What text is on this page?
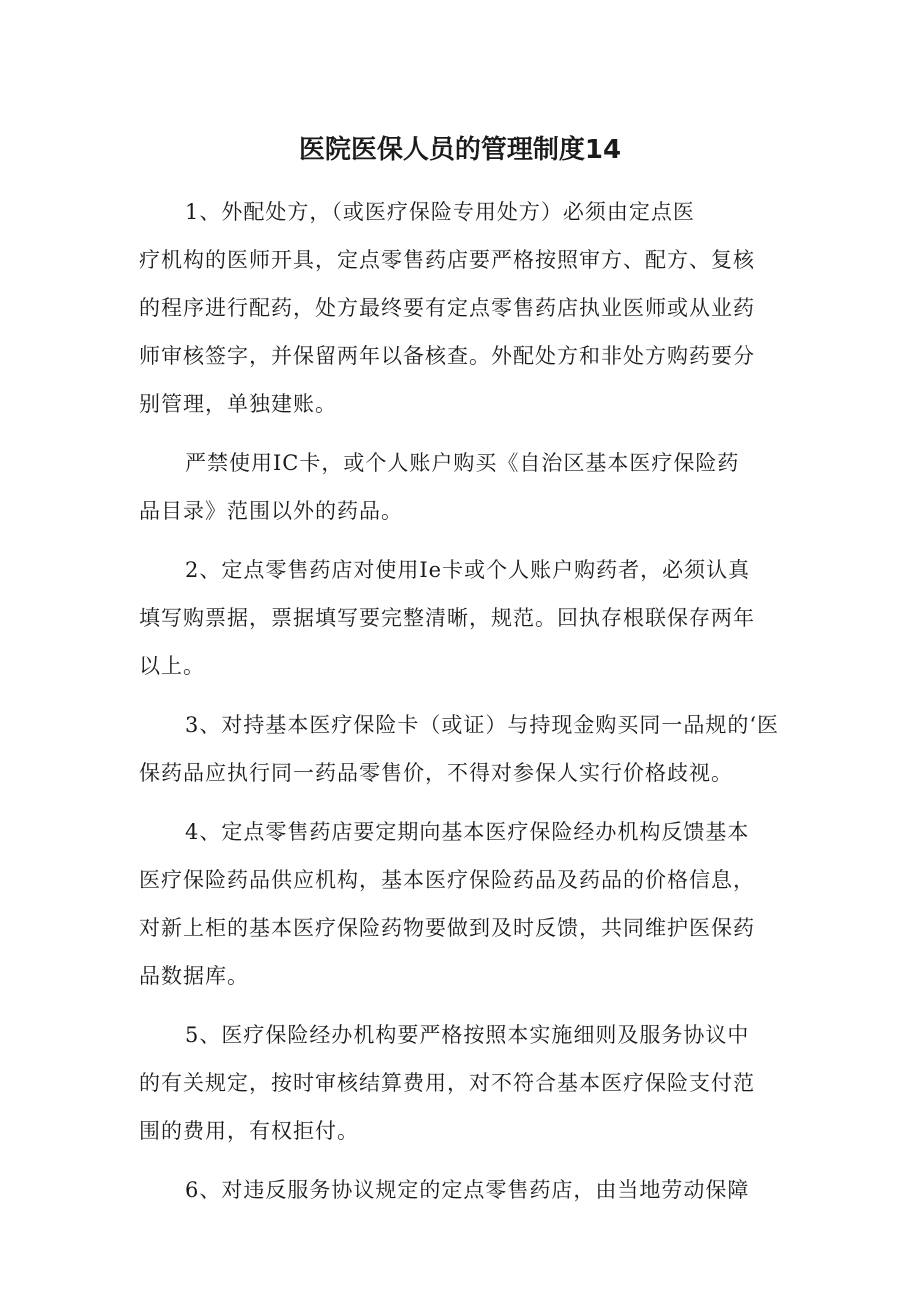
医院医保人员的管理制度14

1、外配处方，（或医疗保险专用处方）必须由定点医
疗机构的医师开具，定点零售药店要严格按照审方、配方、复核
的程序进行配药，处方最终要有定点零售药店执业医师或从业药
师审核签字，并保留两年以备核查。外配处方和非处方购药要分
别管理，单独建账。

严禁使用IC卡，或个人账户购买《自治区基本医疗保险药
品目录》范围以外的药品。

2、定点零售药店对使用Ie卡或个人账户购药者，必须认真
填写购票据，票据填写要完整清晰，规范。回执存根联保存两年
以上。

3、对持基本医疗保险卡（或证）与持现金购买同一品规的‘医
保药品应执行同一药品零售价，不得对参保人实行价格歧视。

4、定点零售药店要定期向基本医疗保险经办机构反馈基本
医疗保险药品供应机构，基本医疗保险药品及药品的价格信息，
对新上柜的基本医疗保险药物要做到及时反馈，共同维护医保药
品数据库。

5、医疗保险经办机构要严格按照本实施细则及服务协议中
的有关规定，按时审核结算费用，对不符合基本医疗保险支付范
围的费用，有权拒付。

6、对违反服务协议规定的定点零售药店，由当地劳动保障
